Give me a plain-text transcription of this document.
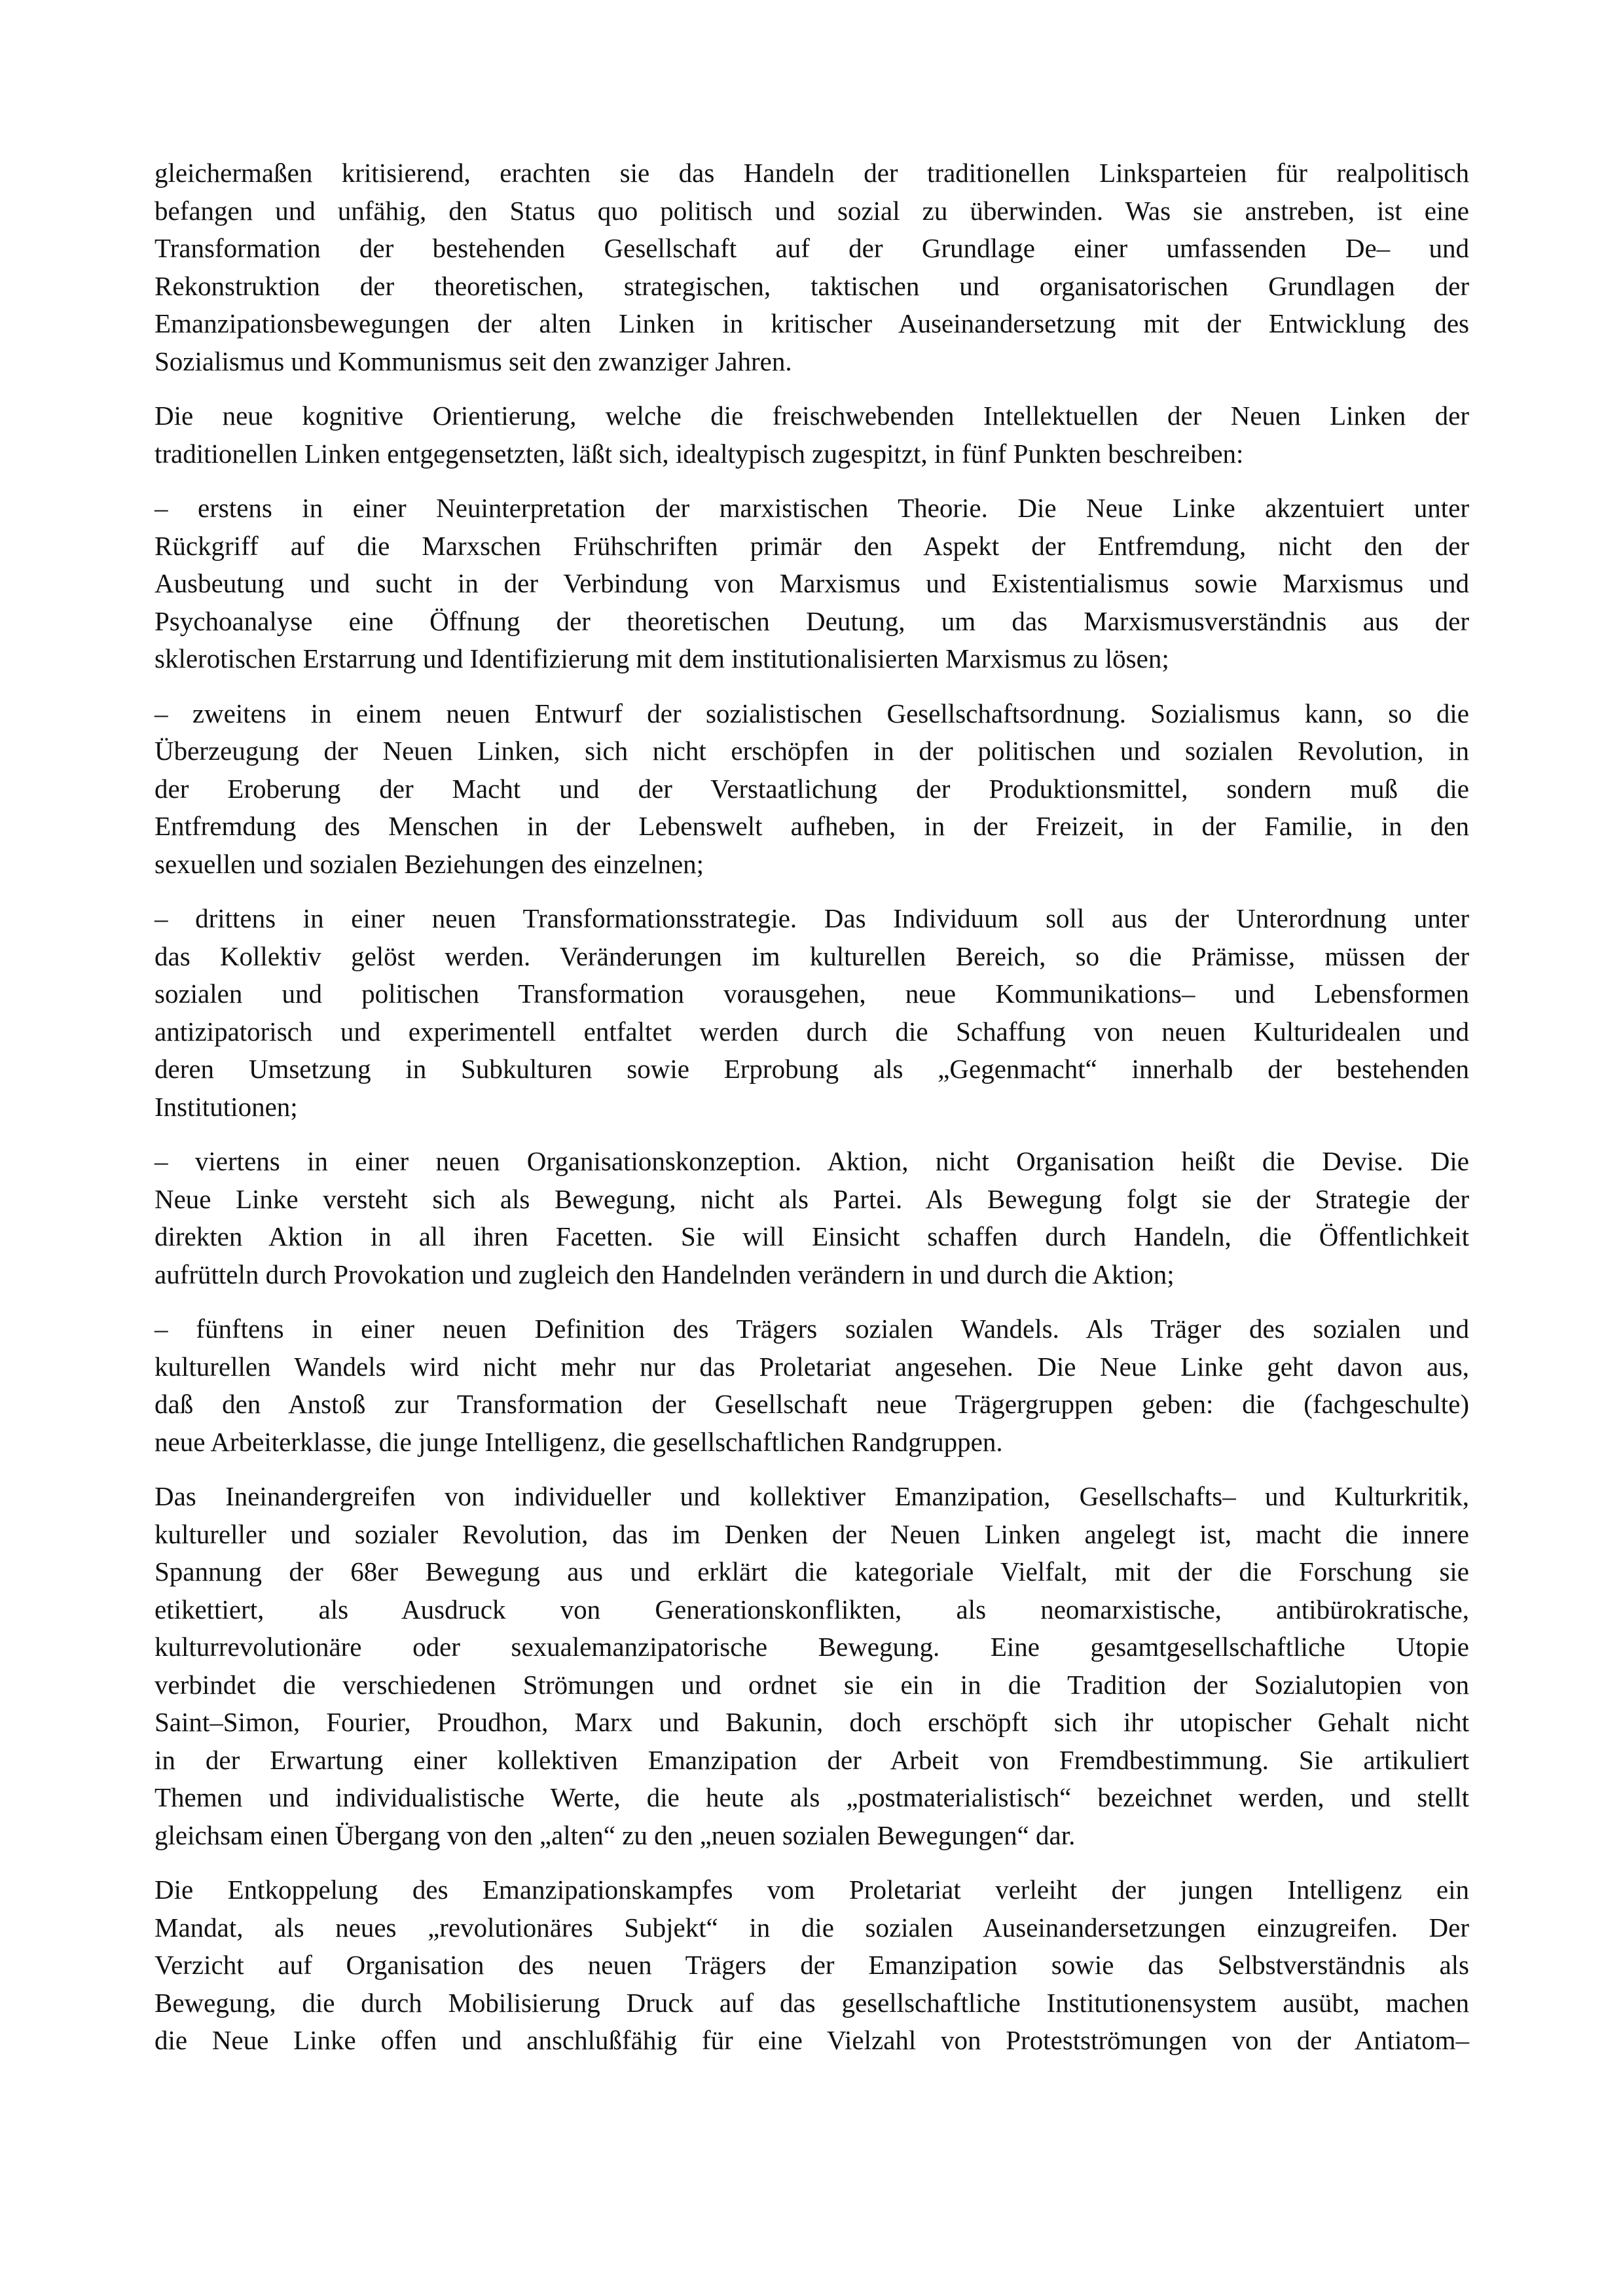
gleichermaßen kritisierend, erachten sie das Handeln der traditionellen Linksparteien für realpolitisch
befangen und unfähig, den Status quo politisch und sozial zu überwinden. Was sie anstreben, ist eine
Transformation der bestehenden Gesellschaft auf der Grundlage einer umfassenden De– und
Rekonstruktion der theoretischen, strategischen, taktischen und organisatorischen Grundlagen der
Emanzipationsbewegungen der alten Linken in kritischer Auseinandersetzung mit der Entwicklung des
Sozialismus und Kommunismus seit den zwanziger Jahren.

Die neue kognitive Orientierung, welche die freischwebenden Intellektuellen der Neuen Linken der
traditionellen Linken entgegensetzten, läßt sich, idealtypisch zugespitzt, in fünf Punkten beschreiben:

– erstens in einer Neuinterpretation der marxistischen Theorie. Die Neue Linke akzentuiert unter
Rückgriff auf die Marxschen Frühschriften primär den Aspekt der Entfremdung, nicht den der
Ausbeutung und sucht in der Verbindung von Marxismus und Existentialismus sowie Marxismus und
Psychoanalyse eine Öffnung der theoretischen Deutung, um das Marxismusverständnis aus der
sklerotischen Erstarrung und Identifizierung mit dem institutionalisierten Marxismus zu lösen;

– zweitens in einem neuen Entwurf der sozialistischen Gesellschaftsordnung. Sozialismus kann, so die
Überzeugung der Neuen Linken, sich nicht erschöpfen in der politischen und sozialen Revolution, in
der Eroberung der Macht und der Verstaatlichung der Produktionsmittel, sondern muß die
Entfremdung des Menschen in der Lebenswelt aufheben, in der Freizeit, in der Familie, in den
sexuellen und sozialen Beziehungen des einzelnen;

– drittens in einer neuen Transformationsstrategie. Das Individuum soll aus der Unterordnung unter
das Kollektiv gelöst werden. Veränderungen im kulturellen Bereich, so die Prämisse, müssen der
sozialen und politischen Transformation vorausgehen, neue Kommunikations– und Lebensformen
antizipatorisch und experimentell entfaltet werden durch die Schaffung von neuen Kulturidealen und
deren Umsetzung in Subkulturen sowie Erprobung als „Gegenmacht“ innerhalb der bestehenden
Institutionen;

– viertens in einer neuen Organisationskonzeption. Aktion, nicht Organisation heißt die Devise. Die
Neue Linke versteht sich als Bewegung, nicht als Partei. Als Bewegung folgt sie der Strategie der
direkten Aktion in all ihren Facetten. Sie will Einsicht schaffen durch Handeln, die Öffentlichkeit
aufrütteln durch Provokation und zugleich den Handelnden verändern in und durch die Aktion;

– fünftens in einer neuen Definition des Trägers sozialen Wandels. Als Träger des sozialen und
kulturellen Wandels wird nicht mehr nur das Proletariat angesehen. Die Neue Linke geht davon aus,
daß den Anstoß zur Transformation der Gesellschaft neue Trägergruppen geben: die (fachgeschulte)
neue Arbeiterklasse, die junge Intelligenz, die gesellschaftlichen Randgruppen.

Das Ineinandergreifen von individueller und kollektiver Emanzipation, Gesellschafts– und Kulturkritik,
kultureller und sozialer Revolution, das im Denken der Neuen Linken angelegt ist, macht die innere
Spannung der 68er Bewegung aus und erklärt die kategoriale Vielfalt, mit der die Forschung sie
etikettiert, als Ausdruck von Generationskonflikten, als neomarxistische, antibürokratische,
kulturrevolutionäre oder sexualemanzipatorische Bewegung. Eine gesamtgesellschaftliche Utopie
verbindet die verschiedenen Strömungen und ordnet sie ein in die Tradition der Sozialutopien von
Saint–Simon, Fourier, Proudhon, Marx und Bakunin, doch erschöpft sich ihr utopischer Gehalt nicht
in der Erwartung einer kollektiven Emanzipation der Arbeit von Fremdbestimmung. Sie artikuliert
Themen und individualistische Werte, die heute als „postmaterialistisch“ bezeichnet werden, und stellt
gleichsam einen Übergang von den „alten“ zu den „neuen sozialen Bewegungen“ dar.

Die Entkoppelung des Emanzipationskampfes vom Proletariat verleiht der jungen Intelligenz ein
Mandat, als neues „revolutionäres Subjekt“ in die sozialen Auseinandersetzungen einzugreifen. Der
Verzicht auf Organisation des neuen Trägers der Emanzipation sowie das Selbstverständnis als
Bewegung, die durch Mobilisierung Druck auf das gesellschaftliche Institutionensystem ausübt, machen
die Neue Linke offen und anschlußfähig für eine Vielzahl von Protestströmungen von der Antiatom–
